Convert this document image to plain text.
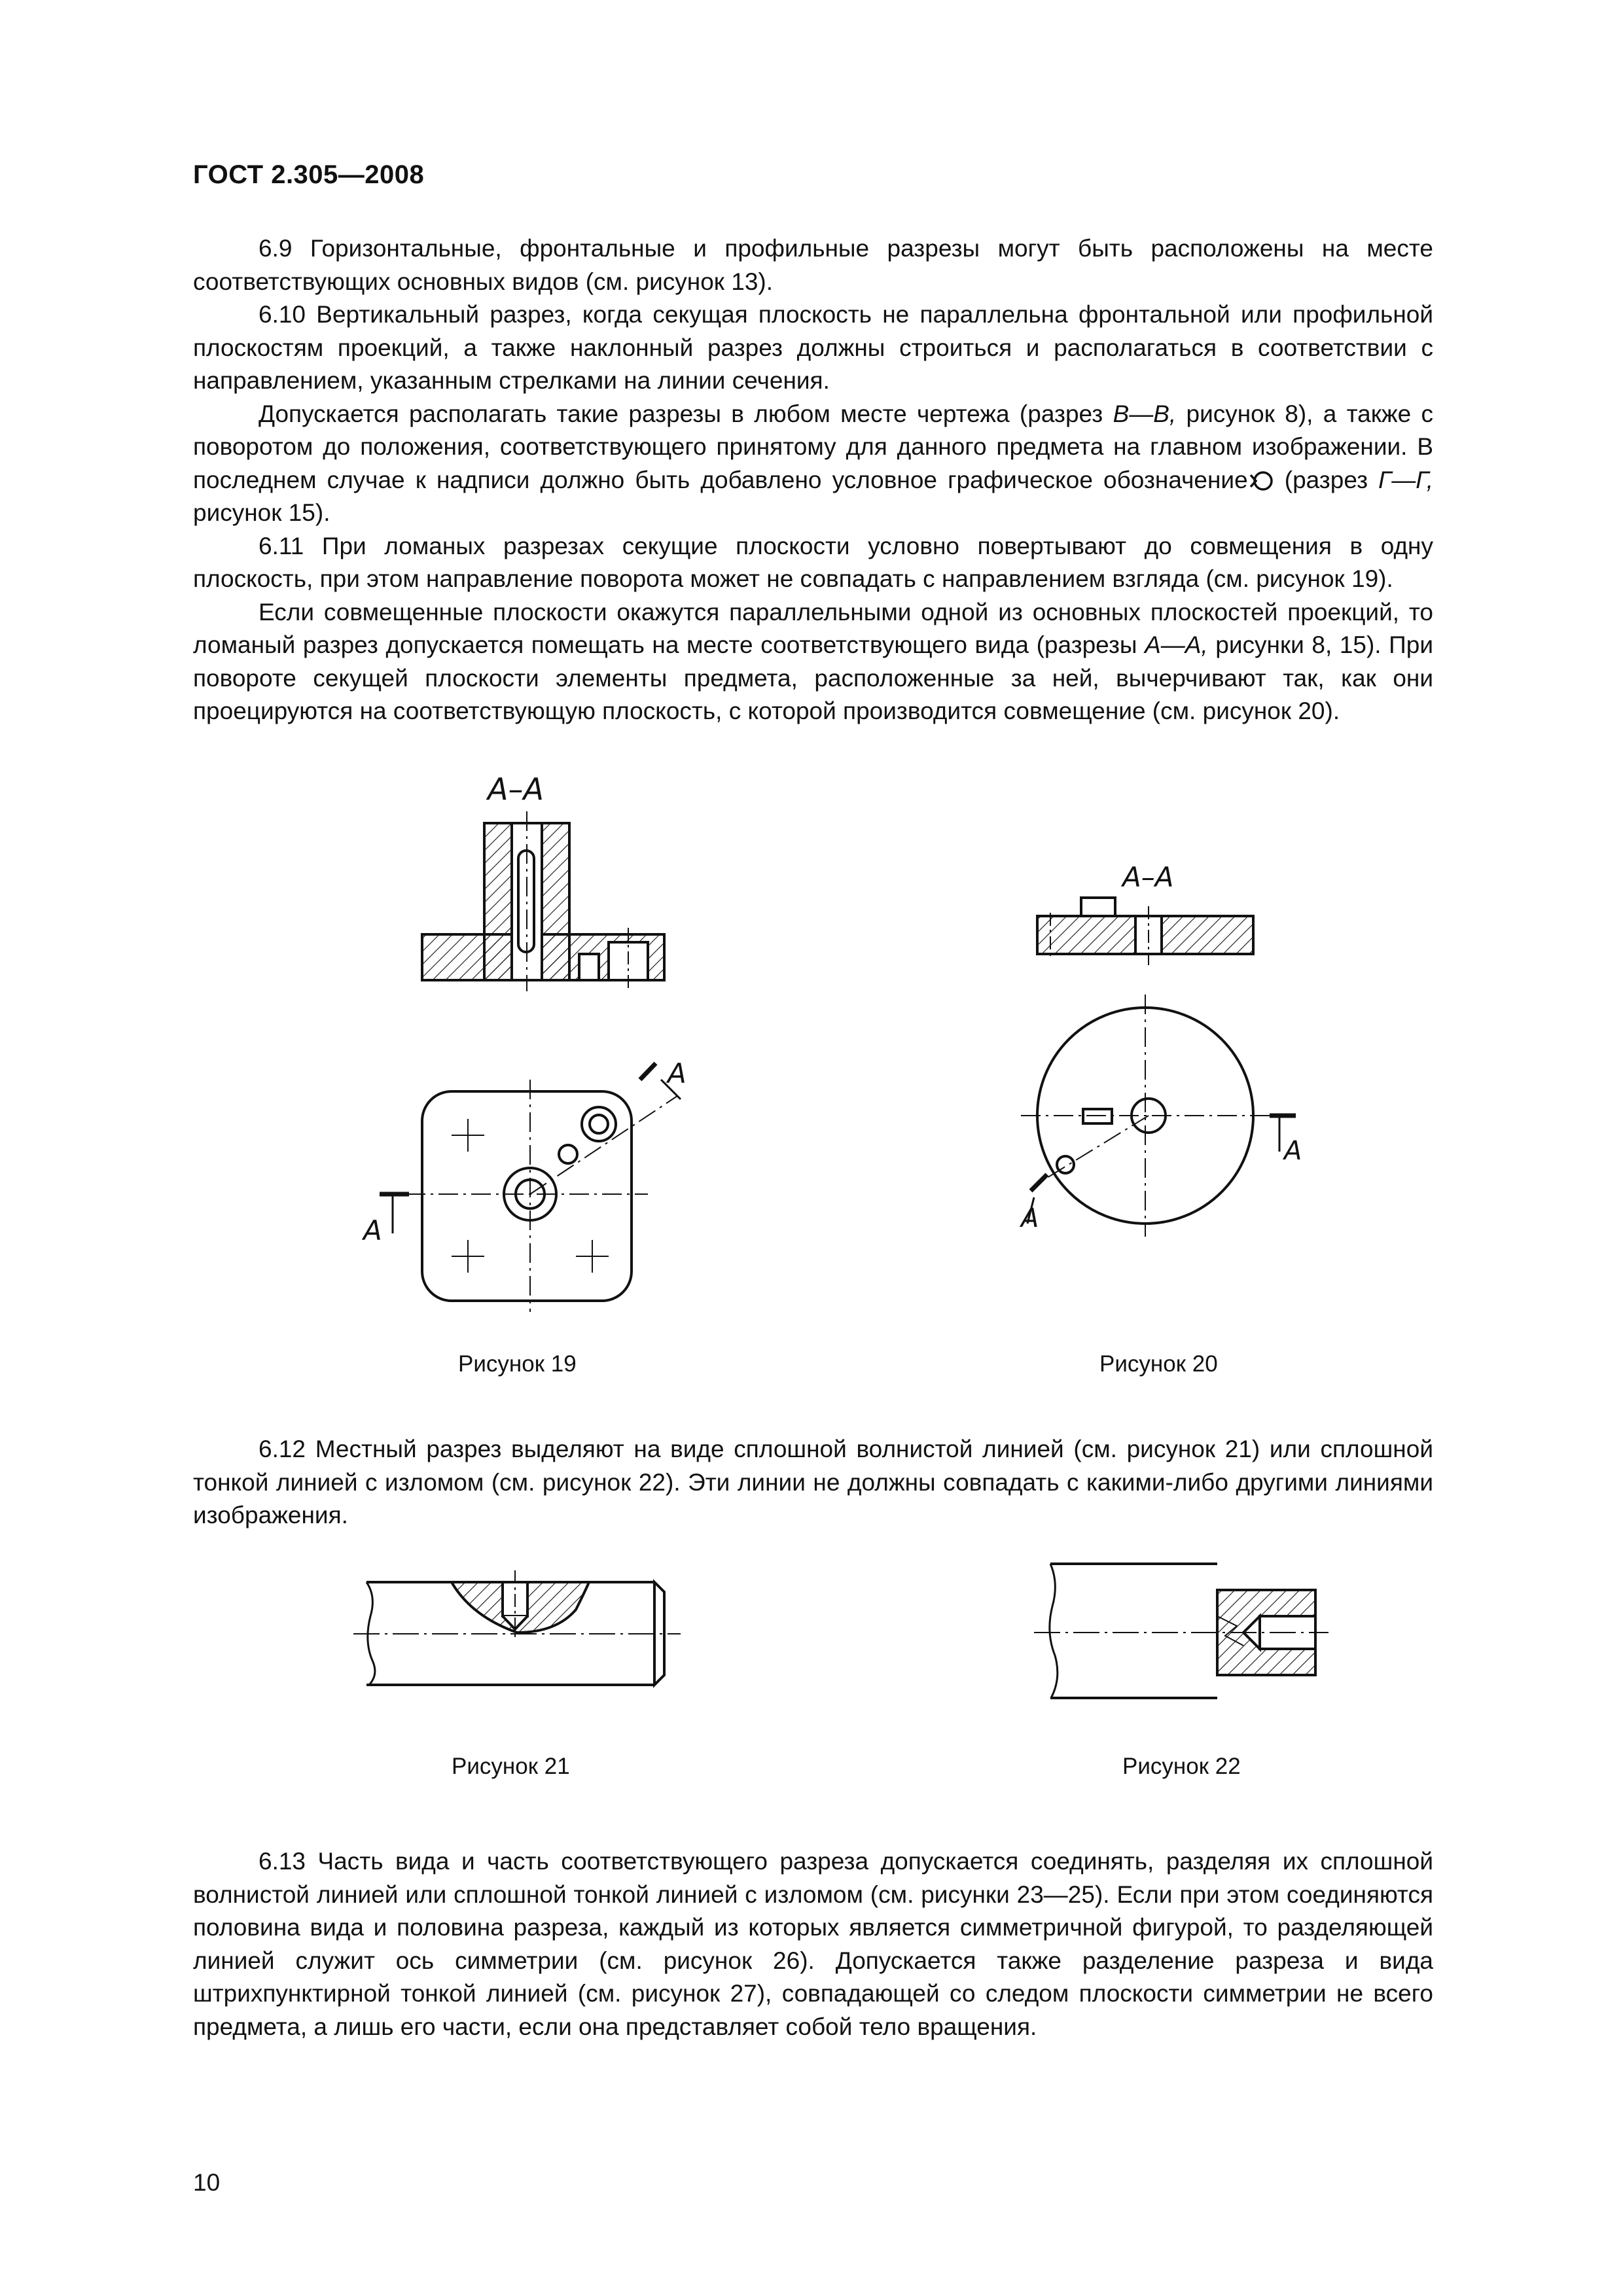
ГОСТ 2.305—2008

6.9 Горизонтальные, фронтальные и профильные разрезы могут быть расположены на месте соответствующих основных видов (см. рисунок 13).

6.10 Вертикальный разрез, когда секущая плоскость не параллельна фронтальной или профильной плоскостям проекций, а также наклонный разрез должны строиться и располагаться в соответствии с направлением, указанным стрелками на линии сечения.

Допускается располагать такие разрезы в любом месте чертежа (разрез В—В, рисунок 8), а также с поворотом до положения, соответствующего принятому для данного предмета на главном изображении. В последнем случае к надписи должно быть добавлено условное графическое обозначение (разрез Г—Г, рисунок 15).

6.11 При ломаных разрезах секущие плоскости условно повертывают до совмещения в одну плоскость, при этом направление поворота может не совпадать с направлением взгляда (см. рисунок 19).

Если совмещенные плоскости окажутся параллельными одной из основных плоскостей проекций, то ломаный разрез допускается помещать на месте соответствующего вида (разрезы А—А, рисунки 8, 15). При повороте секущей плоскости элементы предмета, расположенные за ней, вычерчивают так, как они проецируются на соответствующую плоскость, с которой производится совмещение (см. рисунок 20).

А–А
А
А
А–А
А
А
Рисунок 19	Рисунок 20

6.12 Местный разрез выделяют на виде сплошной волнистой линией (см. рисунок 21) или сплошной тонкой линией с изломом (см. рисунок 22). Эти линии не должны совпадать с какими-либо другими линиями изображения.

Рисунок 21	Рисунок 22

6.13 Часть вида и часть соответствующего разреза допускается соединять, разделяя их сплошной волнистой линией или сплошной тонкой линией с изломом (см. рисунки 23—25). Если при этом соединяются половина вида и половина разреза, каждый из которых является симметричной фигурой, то разделяющей линией служит ось симметрии (см. рисунок 26). Допускается также разделение разреза и вида штрихпунктирной тонкой линией (см. рисунок 27), совпадающей со следом плоскости симметрии не всего предмета, а лишь его части, если она представляет собой тело вращения.

10
